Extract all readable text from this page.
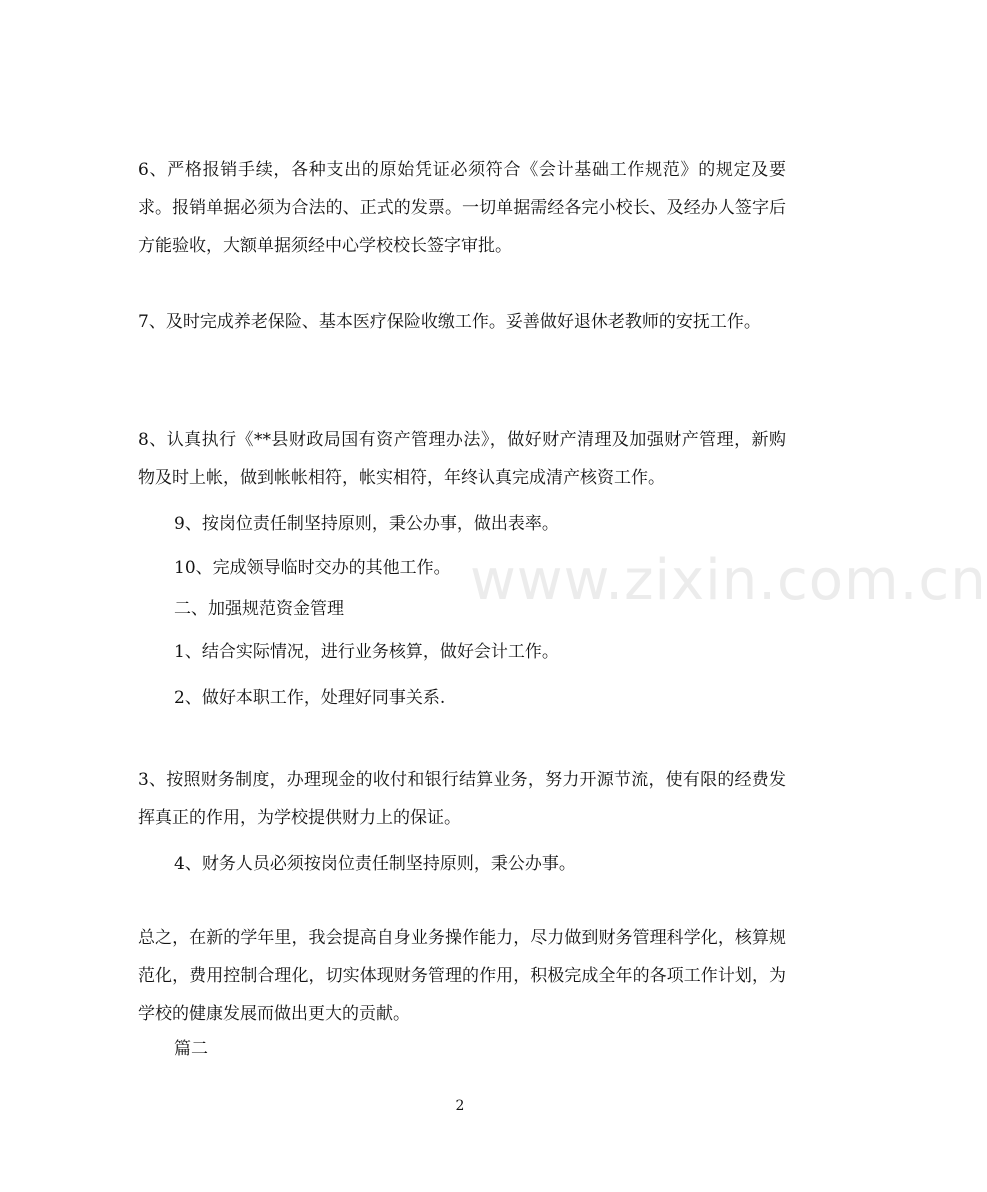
6、严格报销手续，各种支出的原始凭证必须符合《会计基础工作规范》的规定及要求。报销单据必须为合法的、正式的发票。一切单据需经各完小校长、及经办人签字后方能验收，大额单据须经中心学校校长签字审批。

7、及时完成养老保险、基本医疗保险收缴工作。妥善做好退休老教师的安抚工作。

8、认真执行《**县财政局国有资产管理办法》，做好财产清理及加强财产管理，新购物及时上帐，做到帐帐相符，帐实相符，年终认真完成清产核资工作。

9、按岗位责任制坚持原则，秉公办事，做出表率。

10、完成领导临时交办的其他工作。

二、加强规范资金管理

1、结合实际情况，进行业务核算，做好会计工作。

2、做好本职工作，处理好同事关系.

3、按照财务制度，办理现金的收付和银行结算业务，努力开源节流，使有限的经费发挥真正的作用，为学校提供财力上的保证。

4、财务人员必须按岗位责任制坚持原则，秉公办事。

总之，在新的学年里，我会提高自身业务操作能力，尽力做到财务管理科学化，核算规范化，费用控制合理化，切实体现财务管理的作用，积极完成全年的各项工作计划，为学校的健康发展而做出更大的贡献。

篇二

www.zixin.com.cn
2
